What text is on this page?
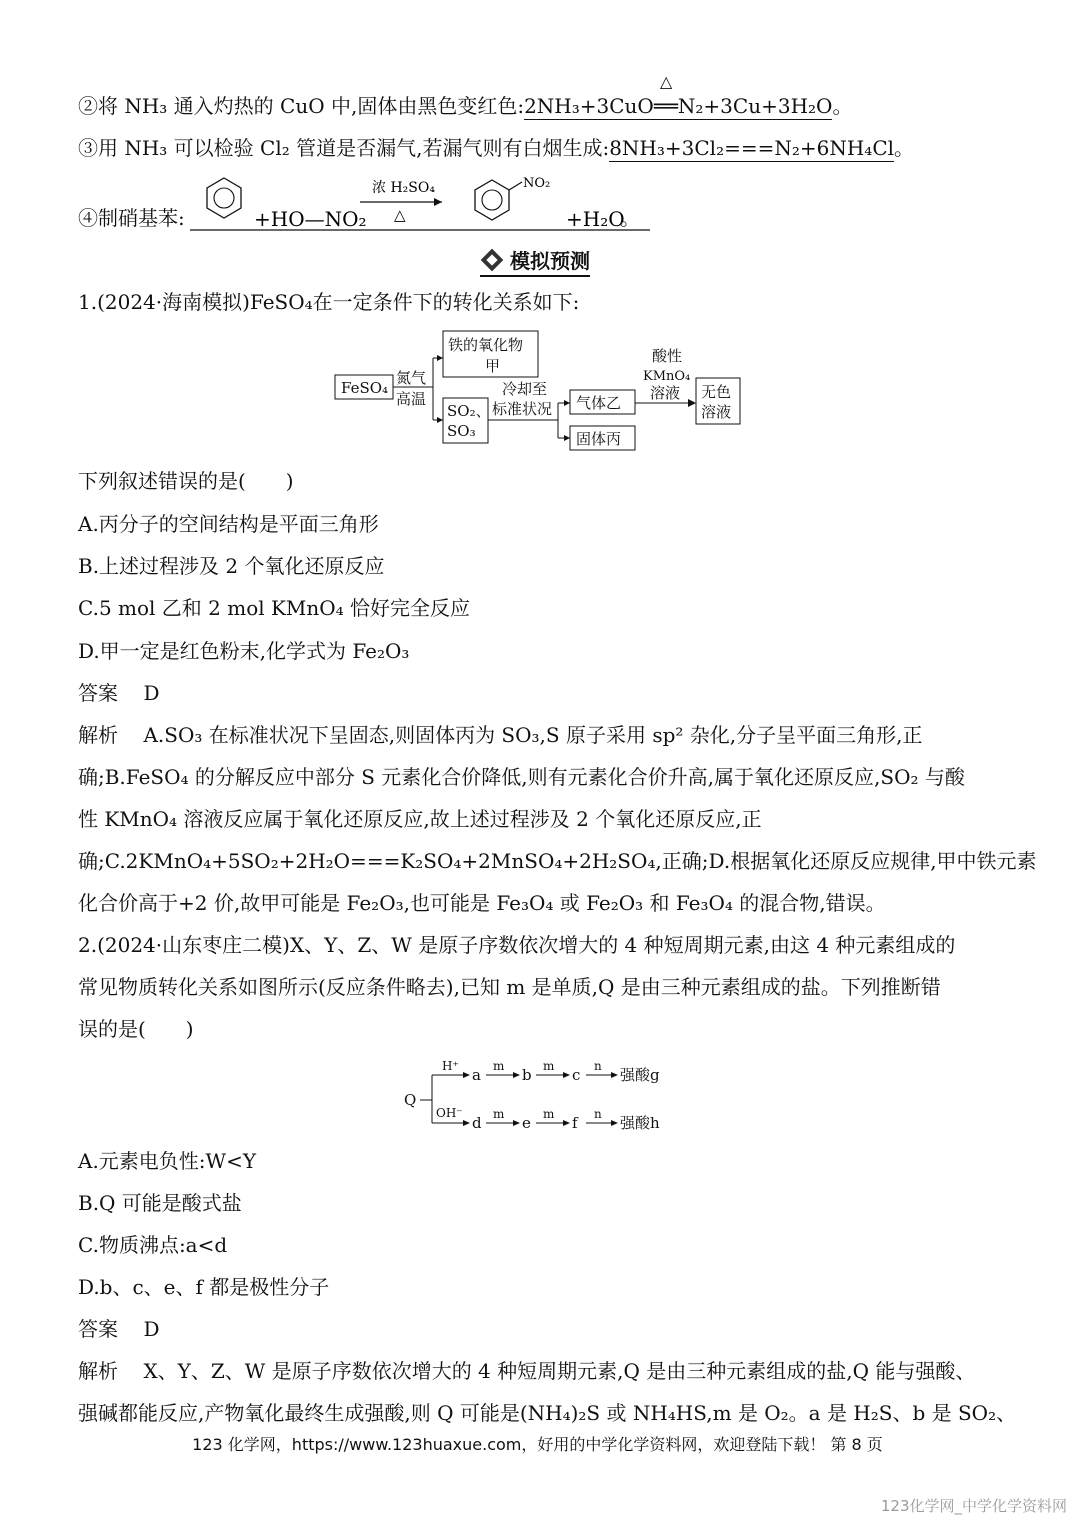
②将 NH₃ 通入灼热的 CuO 中,固体由黑色变红色:2NH₃+3CuO══N₂+3Cu+3H₂O。
△
③用 NH₃ 可以检验 Cl₂ 管道是否漏气,若漏气则有白烟生成:8NH₃+3Cl₂===N₂+6NH₄Cl。
④制硝基苯:	+HO—NO₂
浓 H₂SO₄
△
NO₂
+H₂O
。
模拟预测
1.(2024·海南模拟)FeSO₄在一定条件下的转化关系如下:
FeSO₄
氮气
高温
铁的氧化物
甲
SO₂、
SO₃
冷却至
标准状况 气体乙
固体丙
酸性
KMnO₄
溶液 无色
溶液
下列叙述错误的是(　　)
A.丙分子的空间结构是平面三角形
B.上述过程涉及 2 个氧化还原反应
C.5 mol 乙和 2 mol KMnO₄ 恰好完全反应
D.甲一定是红色粉末,化学式为 Fe₂O₃
答案 D
解析 A.SO₃ 在标准状况下呈固态,则固体丙为 SO₃,S 原子采用 sp² 杂化,分子呈平面三角形,正
确;B.FeSO₄ 的分解反应中部分 S 元素化合价降低,则有元素化合价升高,属于氧化还原反应,SO₂ 与酸
性 KMnO₄ 溶液反应属于氧化还原反应,故上述过程涉及 2 个氧化还原反应,正
确;C.2KMnO₄+5SO₂+2H₂O===K₂SO₄+2MnSO₄+2H₂SO₄,正确;D.根据氧化还原反应规律,甲中铁元素
化合价高于+2 价,故甲可能是 Fe₂O₃,也可能是 Fe₃O₄ 或 Fe₂O₃ 和 Fe₃O₄ 的混合物,错误。
2.(2024·山东枣庄二模)X、Y、Z、W 是原子序数依次增大的 4 种短周期元素,由这 4 种元素组成的
常见物质转化关系如图所示(反应条件略去),已知 m 是单质,Q 是由三种元素组成的盐。下列推断错
误的是(　　)
Q
H⁺
OH⁻
a m b m c n 强酸g
d m e m f n 强酸h
A.元素电负性:W<Y
B.Q 可能是酸式盐
C.物质沸点:a<d
D.b、c、e、f 都是极性分子
答案 D
解析 X、Y、Z、W 是原子序数依次增大的 4 种短周期元素,Q 是由三种元素组成的盐,Q 能与强酸、
强碱都能反应,产物氧化最终生成强酸,则 Q 可能是(NH₄)₂S 或 NH₄HS,m 是 O₂。a 是 H₂S、b 是 SO₂、
123 化学网，https://www.123huaxue.com，好用的中学化学资料网，欢迎登陆下载！ 第 8 页
123化学网_中学化学资料网
